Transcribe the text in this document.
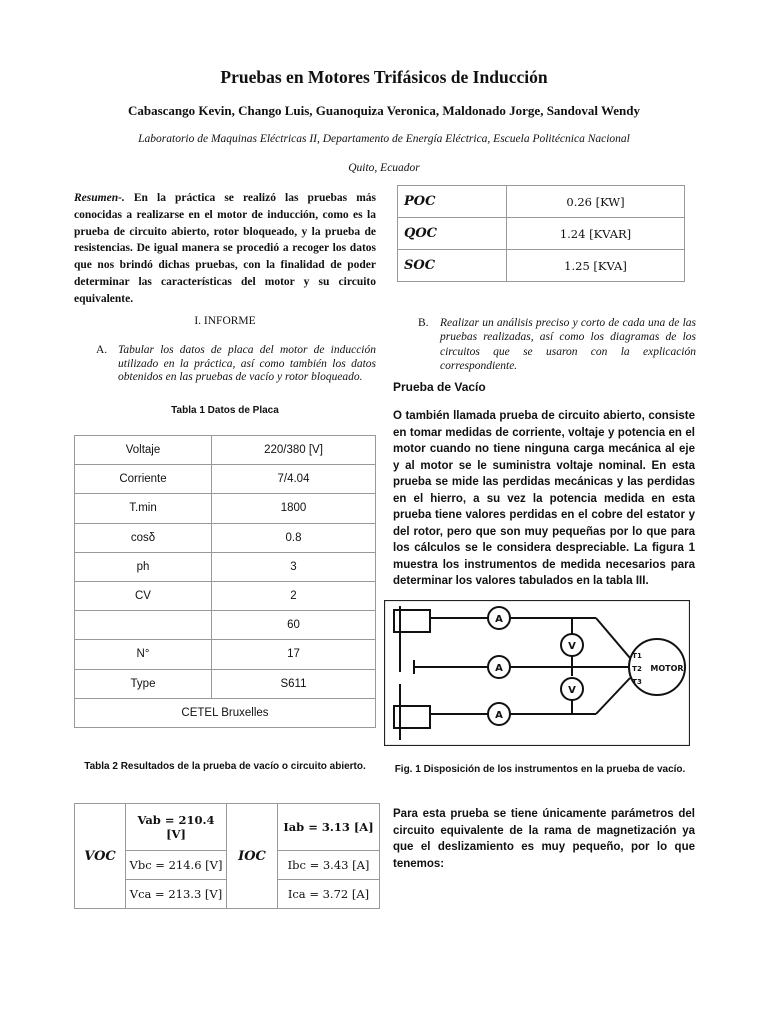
Pruebas en Motores Trifásicos de Inducción
Cabascango Kevin, Chango Luis, Guanoquiza Veronica, Maldonado Jorge, Sandoval Wendy
Laboratorio de Maquinas Eléctricas II, Departamento de Energía Eléctrica, Escuela Politécnica Nacional
Quito, Ecuador
Resumen-. En la práctica se realizó las pruebas más conocidas a realizarse en el motor de inducción, como es la prueba de circuito abierto, rotor bloqueado, y la prueba de resistencias. De igual manera se procedió a recoger los datos que nos brindó dichas pruebas, con la finalidad de poder determinar las características del motor y su circuito equivalente.
I. INFORME
A. Tabular los datos de placa del motor de inducción utilizado en la práctica, así como también los datos obtenidos en las pruebas de vacío y rotor bloqueado.
Tabla 1 Datos de Placa
Voltaje	220/380 [V]
Corriente	7/4.04
T.min	1800
cosδ	0.8
ph	3
CV	2
	60
N°	17
Type	S611
CETEL Bruxelles	
Tabla 2 Resultados de la prueba de vacío o circuito abierto.
VOC	Vab = 210.4 [V]	IOC	Iab = 3.13 [A]
	Vbc = 214.6 [V]		Ibc = 3.43 [A]
	Vca = 213.3 [V]		Ica = 3.72 [A]
POC	0.26 [KW]
QOC	1.24 [KVAR]
SOC	1.25 [KVA]
B. Realizar un análisis preciso y corto de cada una de las pruebas realizadas, así como los diagramas de los circuitos que se usaron con la explicación correspondiente.
Prueba de Vacío
O también llamada prueba de circuito abierto, consiste en tomar medidas de corriente, voltaje y potencia en el motor cuando no tiene ninguna carga mecánica al eje y al motor se le suministra voltaje nominal. En esta prueba se mide las perdidas mecánicas y las perdidas en el hierro, a su vez la potencia medida en esta prueba tiene valores perdidas en el cobre del estator y del rotor, pero que son muy pequeñas por lo que para los cálculos se le considera despreciable. La figura 1 muestra los instrumentos de medida necesarios para determinar los valores tabulados en la tabla III.
A
A
A
V
V
MOTOR
T1
T2
T3
Fig. 1 Disposición de los instrumentos en la prueba de vacío.
Para esta prueba se tiene únicamente parámetros del circuito equivalente de la rama de magnetización ya que el deslizamiento es muy pequeño, por lo que tenemos:
